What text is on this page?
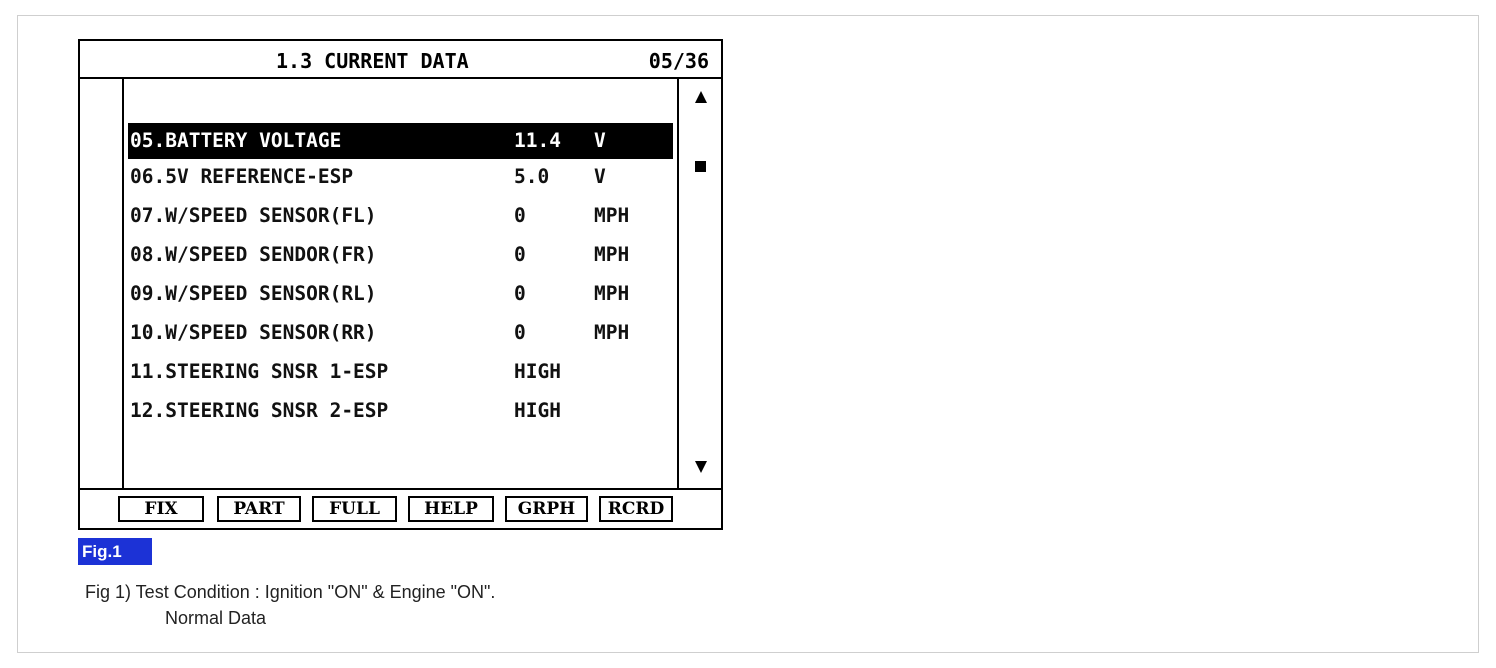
1.3 CURRENT DATA	05/36
05.BATTERY VOLTAGE	11.4 V
06.5V REFERENCE-ESP	5.0 V
07.W/SPEED SENSOR(FL)	0	MPH
08.W/SPEED SENDOR(FR)	0	MPH
09.W/SPEED SENSOR(RL)	0	MPH
10.W/SPEED SENSOR(RR)	0	MPH
11.STEERING SNSR 1-ESP	HIGH
12.STEERING SNSR 2-ESP	HIGH
FIX	PART	FULL	HELP	GRPH	RCRD
Fig.1
Fig 1) Test Condition : Ignition "ON" & Engine "ON".
Normal Data
